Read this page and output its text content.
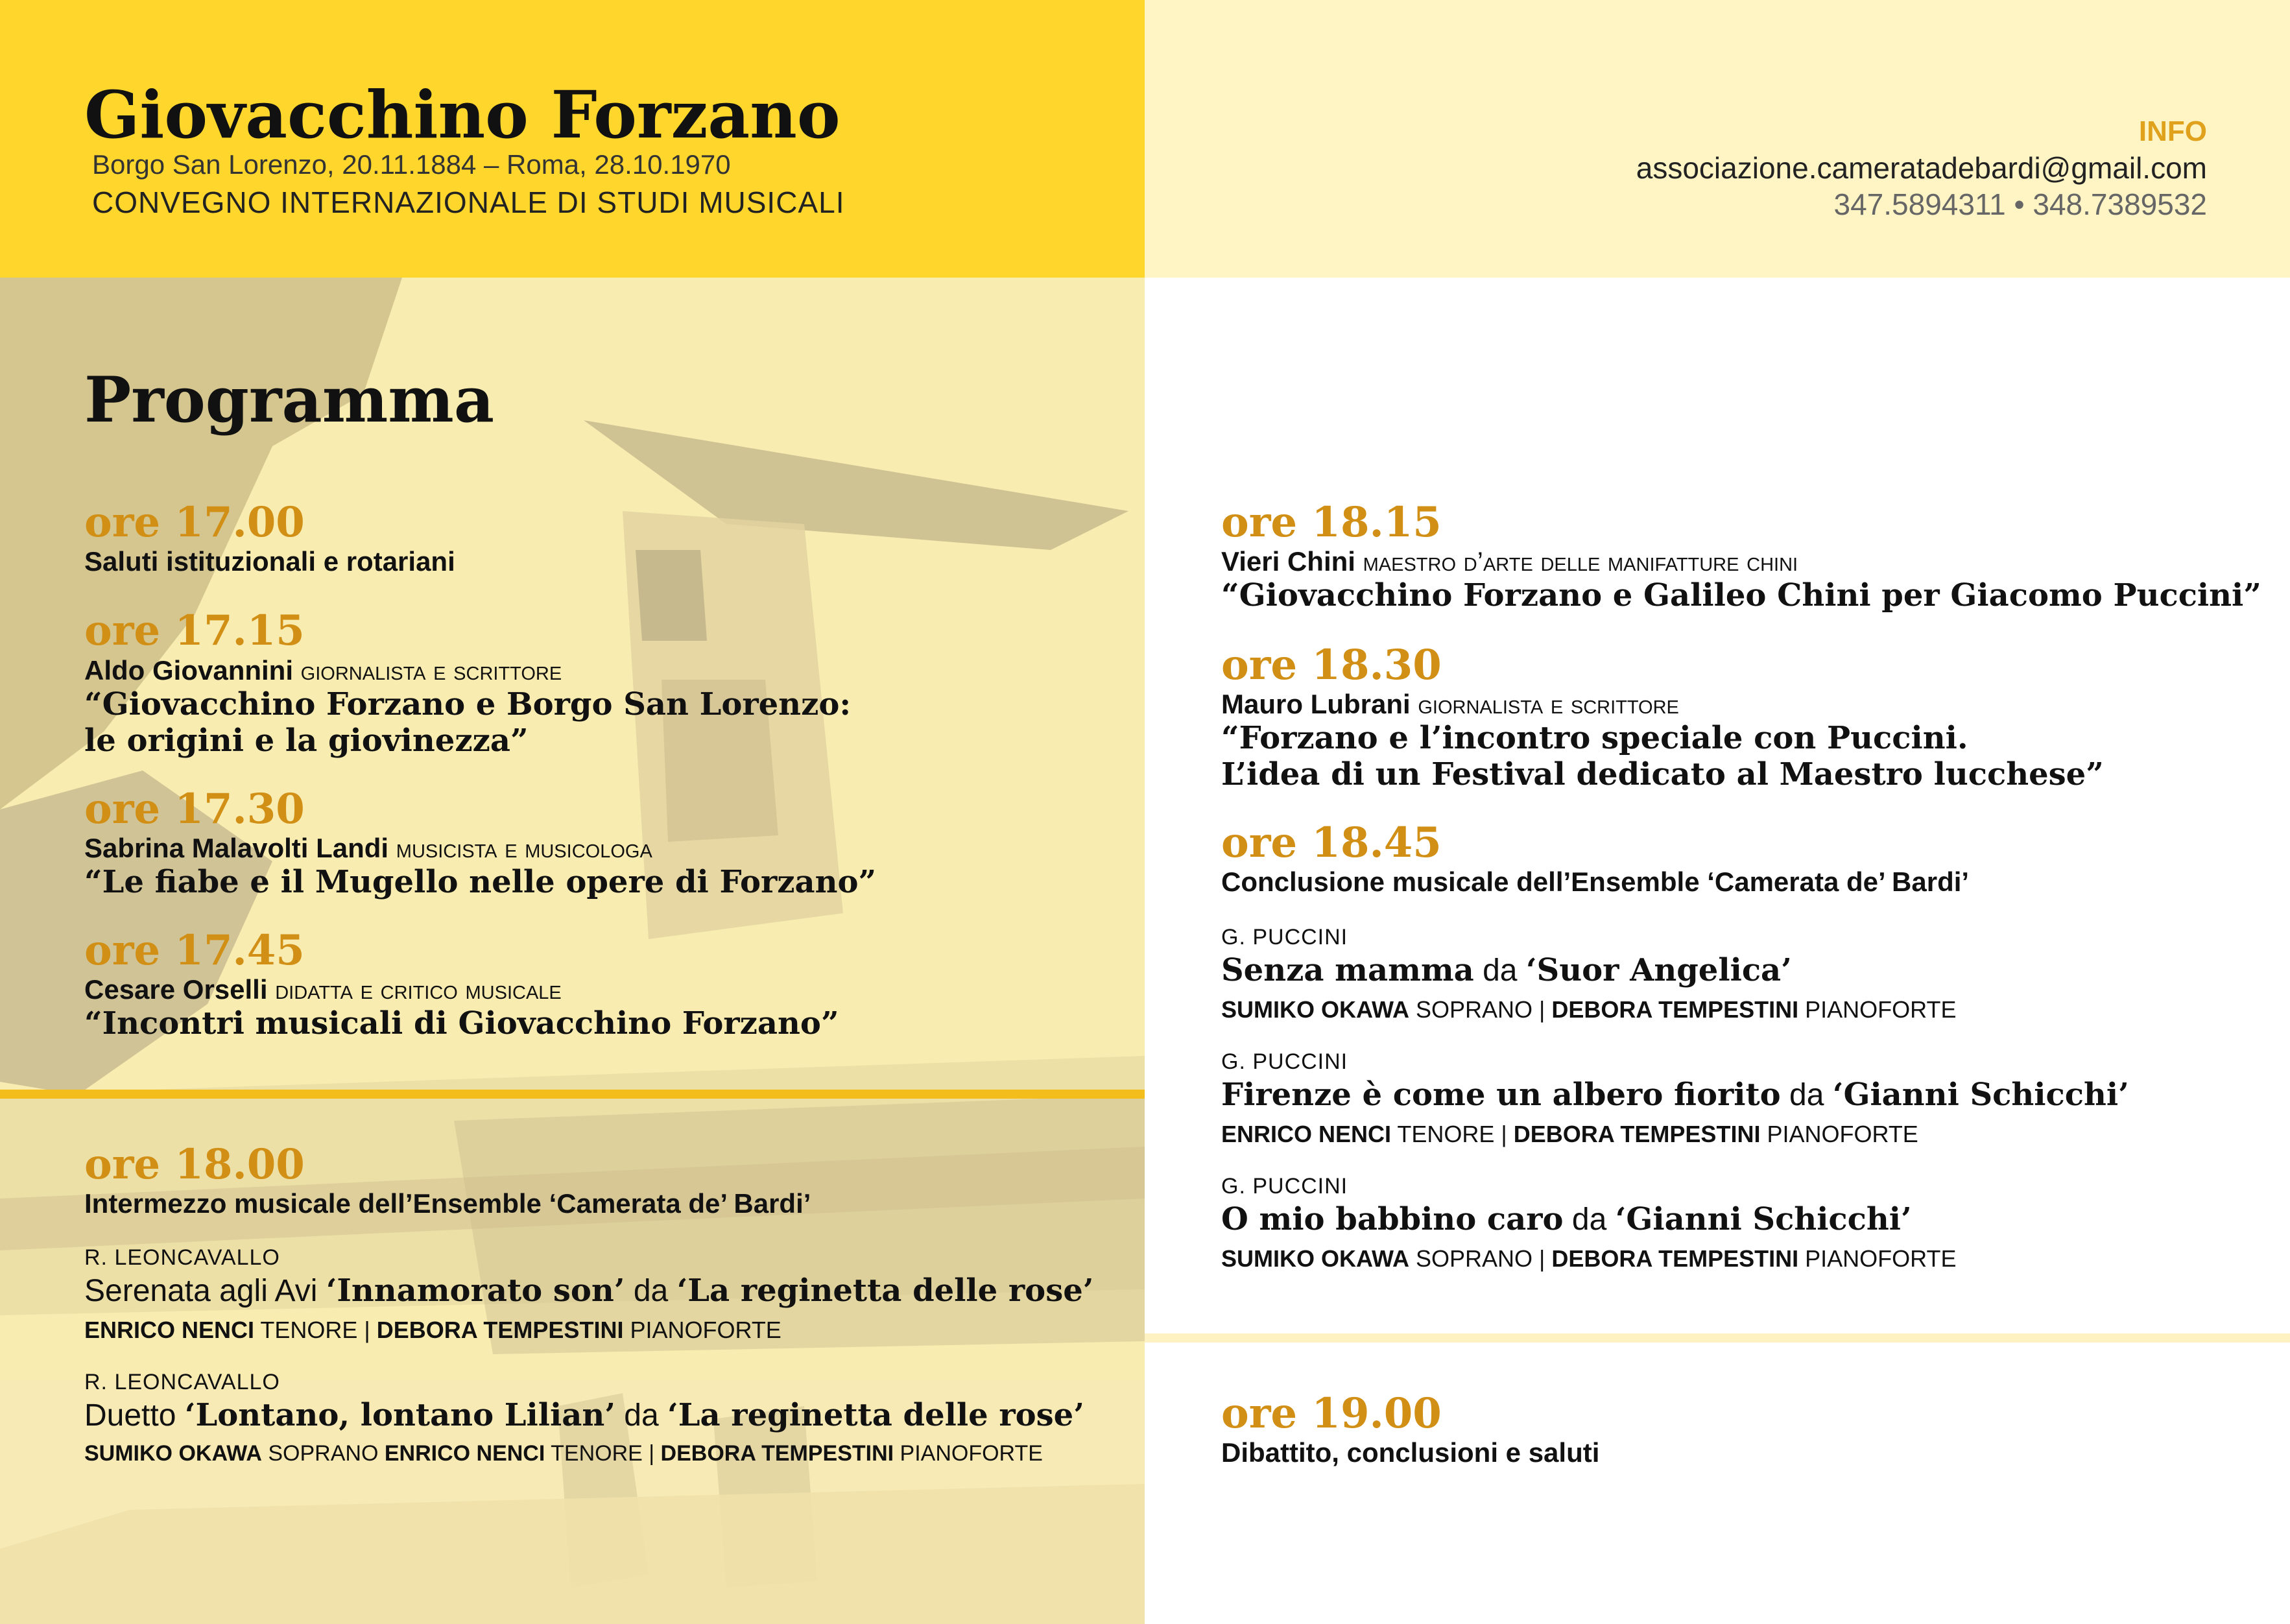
Giovacchino Forzano
Borgo San Lorenzo, 20.11.1884 – Roma, 28.10.1970
CONVEGNO INTERNAZIONALE DI STUDI MUSICALI
INFO
associazione.cameratadebardi@gmail.com
347.5894311 • 348.7389532
Programma
ore 17.00
Saluti istituzionali e rotariani
ore 17.15
Aldo Giovannini giornalista e scrittore
“Giovacchino Forzano e Borgo San Lorenzo:
le origini e la giovinezza”
ore 17.30
Sabrina Malavolti Landi musicista e musicologa
“Le fiabe e il Mugello nelle opere di Forzano”
ore 17.45
Cesare Orselli didatta e critico musicale
“Incontri musicali di Giovacchino Forzano”
ore 18.00
Intermezzo musicale dell’Ensemble ‘Camerata de’ Bardi’
R. LEONCAVALLO
Serenata agli Avi ‘Innamorato son’ da ‘La reginetta delle rose’
ENRICO NENCI TENORE | DEBORA TEMPESTINI PIANOFORTE
R. LEONCAVALLO
Duetto ‘Lontano, lontano Lilian’ da ‘La reginetta delle rose’
SUMIKO OKAWA SOPRANO ENRICO NENCI TENORE | DEBORA TEMPESTINI PIANOFORTE
ore 18.15
Vieri Chini maestro d’arte delle manifatture chini
“Giovacchino Forzano e Galileo Chini per Giacomo Puccini”
ore 18.30
Mauro Lubrani giornalista e scrittore
“Forzano e l’incontro speciale con Puccini.
L’idea di un Festival dedicato al Maestro lucchese”
ore 18.45
Conclusione musicale dell’Ensemble ‘Camerata de’ Bardi’
G. PUCCINI
Senza mamma da ‘Suor Angelica’
SUMIKO OKAWA SOPRANO | DEBORA TEMPESTINI PIANOFORTE
G. PUCCINI
Firenze è come un albero fiorito da ‘Gianni Schicchi’
ENRICO NENCI TENORE | DEBORA TEMPESTINI PIANOFORTE
G. PUCCINI
O mio babbino caro da ‘Gianni Schicchi’
SUMIKO OKAWA SOPRANO | DEBORA TEMPESTINI PIANOFORTE
ore 19.00
Dibattito, conclusioni e saluti
